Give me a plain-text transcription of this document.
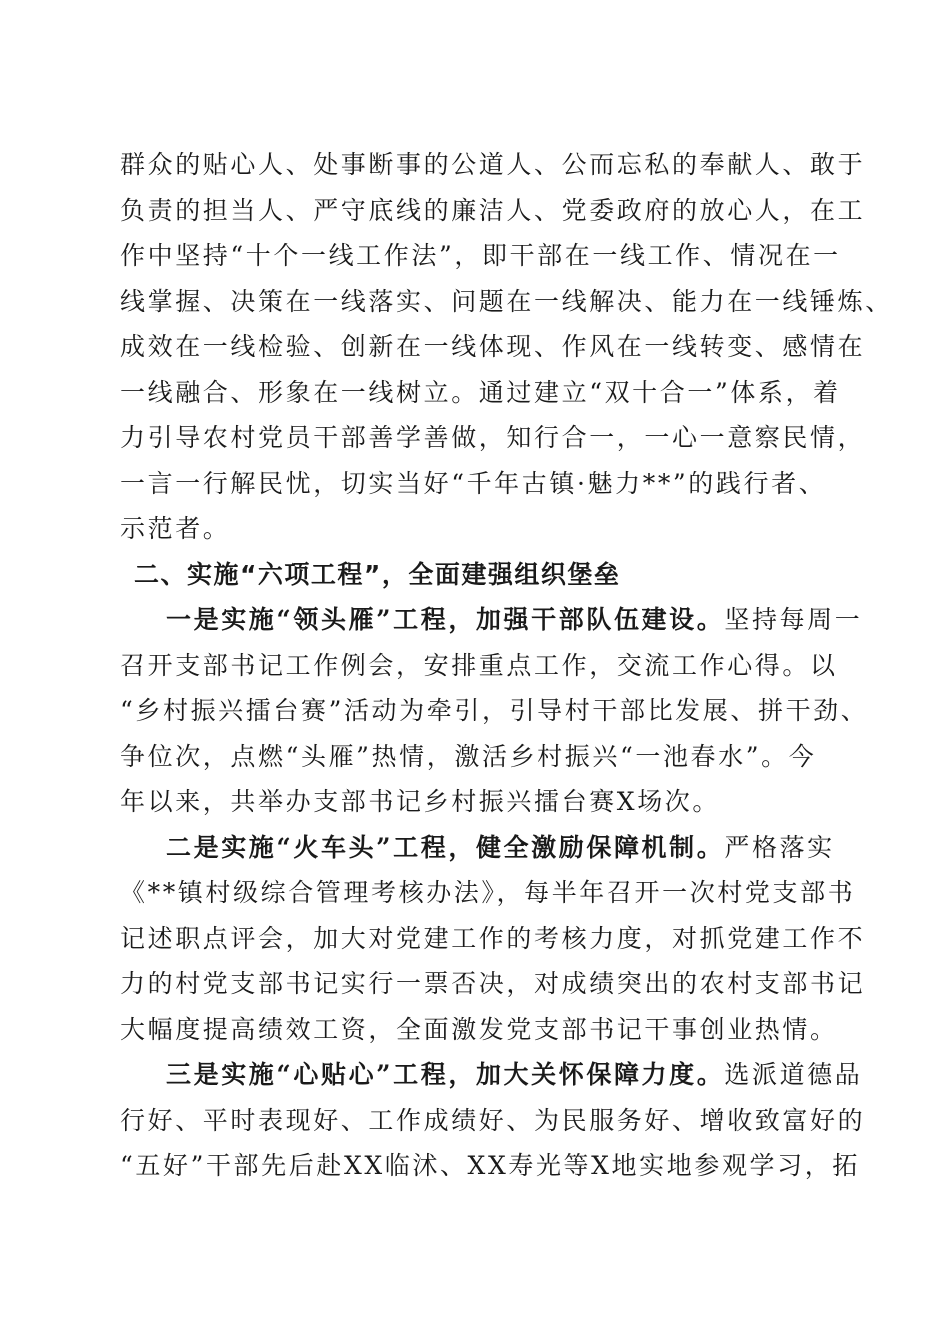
群众的贴心人、处事断事的公道人、公而忘私的奉献人、敢于
负责的担当人、严守底线的廉洁人、党委政府的放心人，在工
作中坚持“十个一线工作法”，即干部在一线工作、情况在一
线掌握、决策在一线落实、问题在一线解决、能力在一线锤炼、
成效在一线检验、创新在一线体现、作风在一线转变、感情在
一线融合、形象在一线树立。通过建立“双十合一”体系，着
力引导农村党员干部善学善做，知行合一，一心一意察民情，
一言一行解民忧，切实当好“千年古镇·魅力**”的践行者、
示范者。
二、实施“六项工程”，全面建强组织堡垒
一是实施“领头雁”工程，加强干部队伍建设。坚持每周一
召开支部书记工作例会，安排重点工作，交流工作心得。以
“乡村振兴擂台赛”活动为牵引，引导村干部比发展、拼干劲、
争位次，点燃“头雁”热情，激活乡村振兴“一池春水”。今
年以来，共举办支部书记乡村振兴擂台赛X场次。
二是实施“火车头”工程，健全激励保障机制。严格落实
《**镇村级综合管理考核办法》，每半年召开一次村党支部书
记述职点评会，加大对党建工作的考核力度，对抓党建工作不
力的村党支部书记实行一票否决，对成绩突出的农村支部书记
大幅度提高绩效工资，全面激发党支部书记干事创业热情。
三是实施“心贴心”工程，加大关怀保障力度。选派道德品
行好、平时表现好、工作成绩好、为民服务好、增收致富好的
“五好”干部先后赴XX临沭、XX寿光等X地实地参观学习，拓
